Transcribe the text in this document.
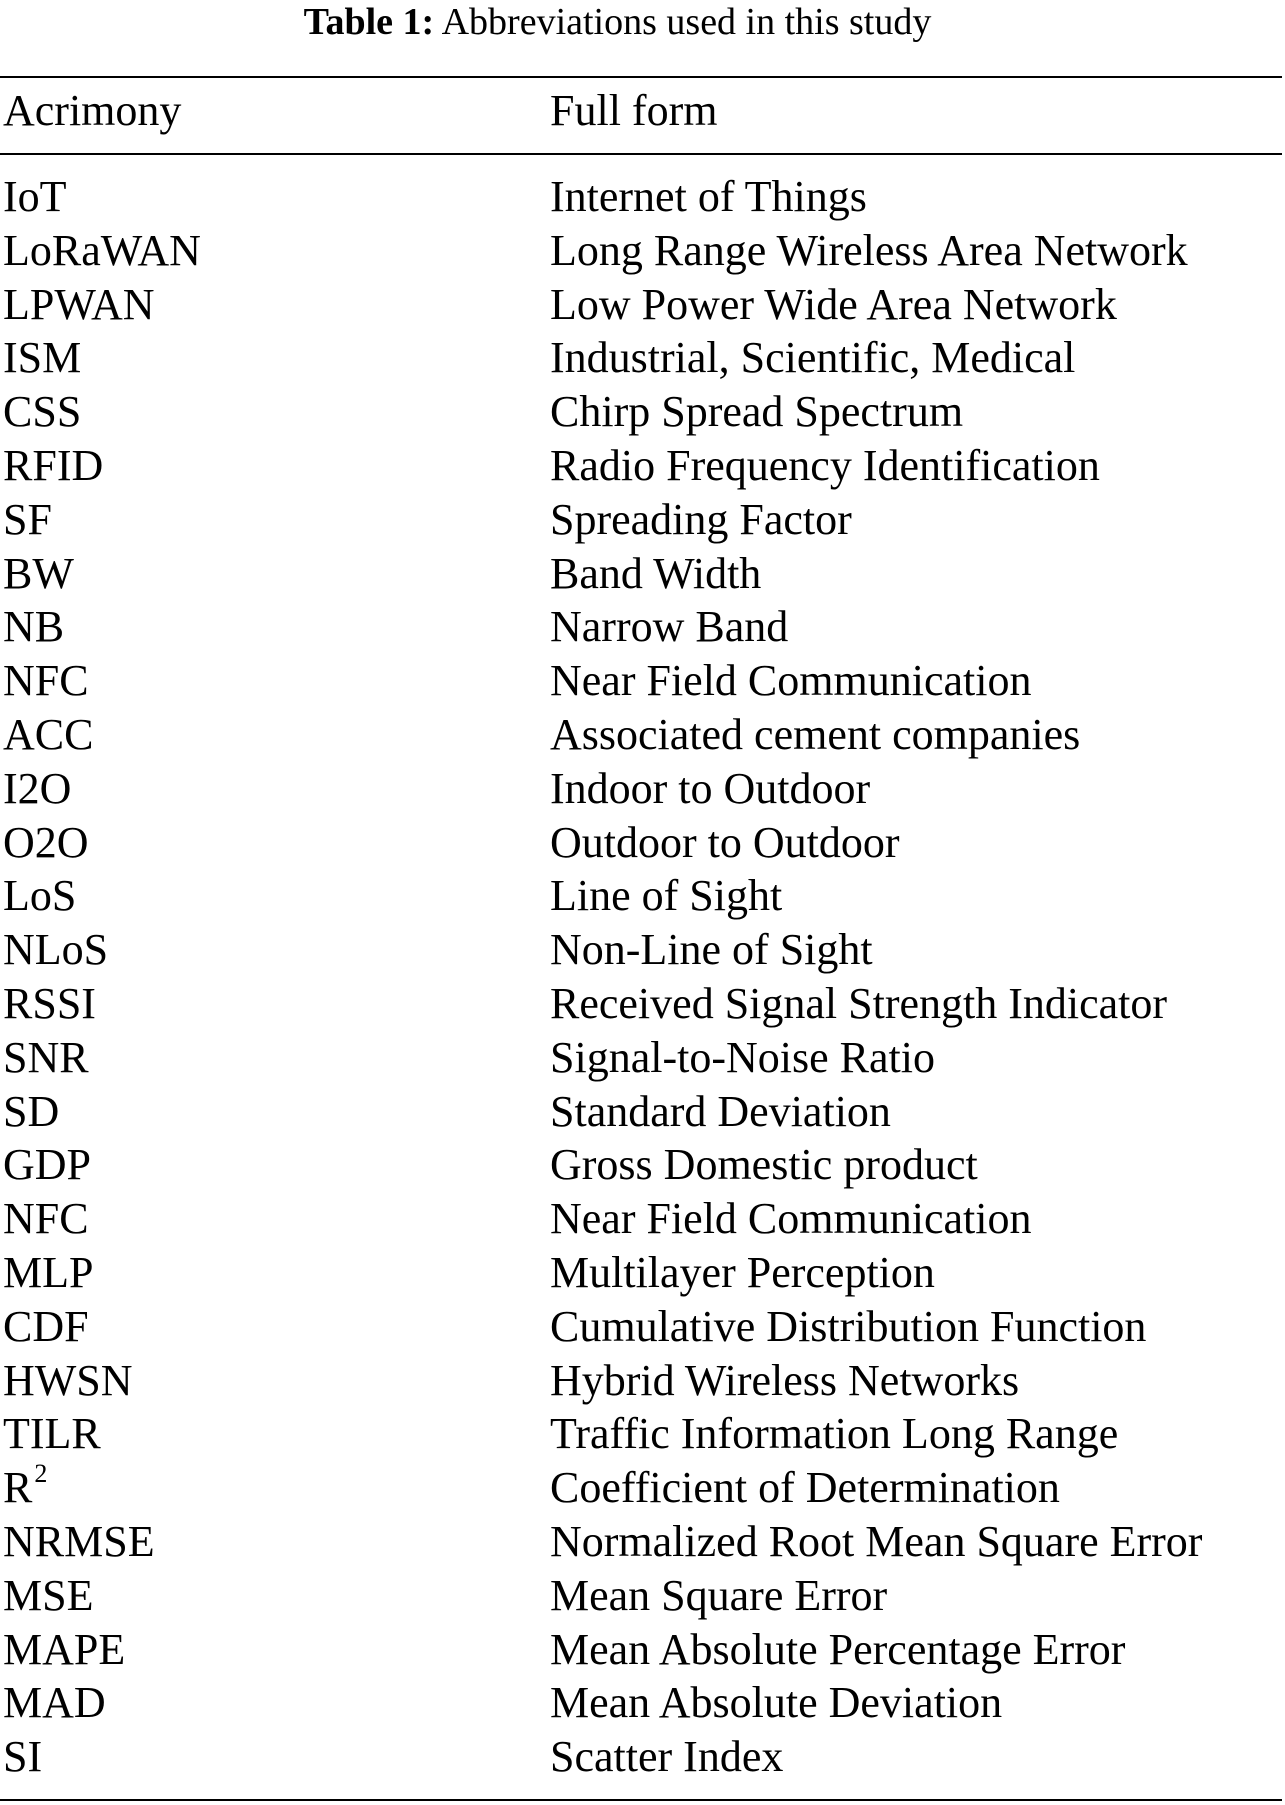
Table 1: Abbreviations used in this study
Acrimony	Full form
IoT	Internet of Things
LoRaWAN	Long Range Wireless Area Network
LPWAN	Low Power Wide Area Network
ISM	Industrial, Scientific, Medical
CSS	Chirp Spread Spectrum
RFID	Radio Frequency Identification
SF	Spreading Factor
BW	Band Width
NB	Narrow Band
NFC	Near Field Communication
ACC	Associated cement companies
I2O	Indoor to Outdoor
O2O	Outdoor to Outdoor
LoS	Line of Sight
NLoS	Non-Line of Sight
RSSI	Received Signal Strength Indicator
SNR	Signal-to-Noise Ratio
SD	Standard Deviation
GDP	Gross Domestic product
NFC	Near Field Communication
MLP	Multilayer Perception
CDF	Cumulative Distribution Function
HWSN	Hybrid Wireless Networks
TILR	Traffic Information Long Range
$R^2$	Coefficient of Determination
NRMSE	Normalized Root Mean Square Error
MSE	Mean Square Error
MAPE	Mean Absolute Percentage Error
MAD	Mean Absolute Deviation
SI	Scatter Index
